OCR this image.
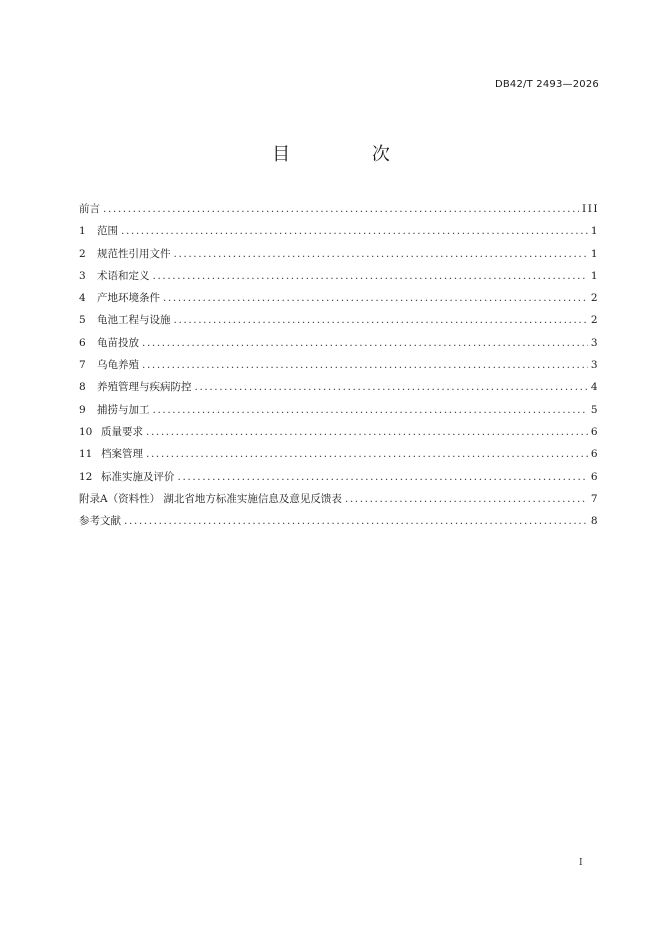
DB42/T 2493—2026
目 次
前言 .....	III
1	范围 .....	1
2	规范性引用文件 .....	1
3	术语和定义 .....	1
4	产地环境条件 .....	2
5	龟池工程与设施 .....	2
6	龟苗投放 .....	3
7	乌龟养殖 .....	3
8	养殖管理与疾病防控 .....	4
9	捕捞与加工 .....	5
10 质量要求 .....	6
11 档案管理 .....	6
12 标准实施及评价 .....	6
附录A（资料性） 湖北省地方标准实施信息及意见反馈表 .....	7
参考文献 .....	8
I
